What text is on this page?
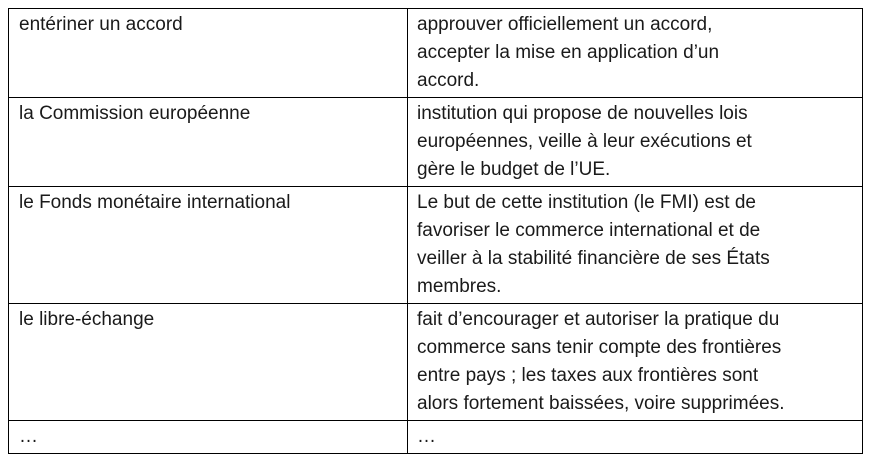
entériner un accord	approuver officiellement un accord,
accepter la mise en application d’un
accord.
la Commission européenne	institution qui propose de nouvelles lois
européennes, veille à leur exécutions et
gère le budget de l’UE.
le Fonds monétaire international	Le but de cette institution (le FMI) est de
favoriser le commerce international et de
veiller à la stabilité financière de ses États
membres.
le libre-échange	fait d’encourager et autoriser la pratique du
commerce sans tenir compte des frontières
entre pays ; les taxes aux frontières sont
alors fortement baissées, voire supprimées.
…	…
